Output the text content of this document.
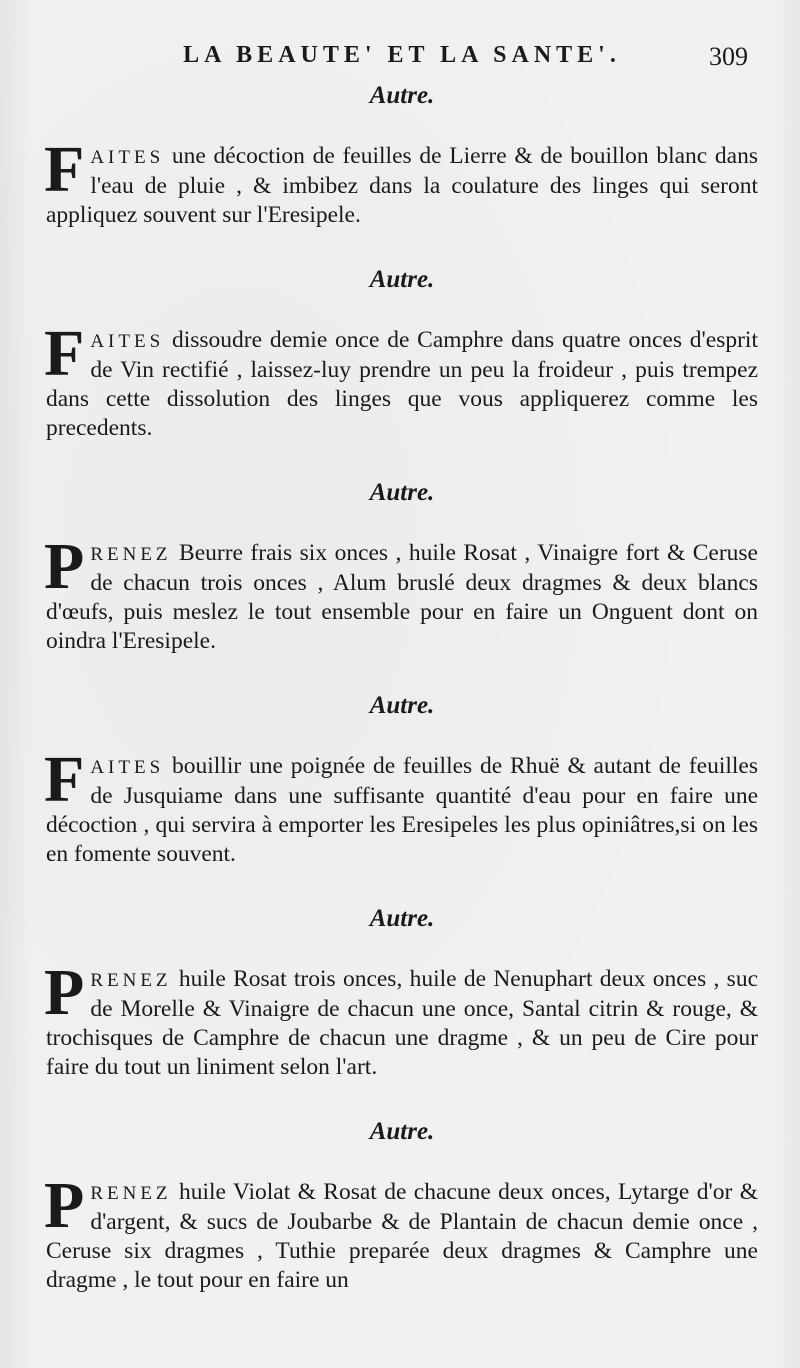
LA BEAUTE' ET LA SANTE'.	309
Autre.

FAITES une décoction de feuilles de Lierre & de bouillon blanc dans l'eau de pluie , & imbibez dans la coulature des linges qui seront appliquez souvent sur l'Eresipele.

Autre.

FAITES dissoudre demie once de Camphre dans quatre onces d'esprit de Vin rectifié , laissez-luy prendre un peu la froideur , puis trempez dans cette dissolution des linges que vous appliquerez comme les precedents.

Autre.

PRENEZ Beurre frais six onces , huile Rosat , Vinaigre fort & Ceruse de chacun trois onces , Alum bruslé deux dragmes & deux blancs d'œufs, puis meslez le tout ensemble pour en faire un Onguent dont on oindra l'Eresipele.

Autre.

FAITES bouillir une poignée de feuilles de Rhuë & autant de feuilles de Jusquiame dans une suffisante quantité d'eau pour en faire une décoction , qui servira à emporter les Eresipeles les plus opiniâtres,si on les en fomente souvent.

Autre.

PRENEZ huile Rosat trois onces, huile de Nenuphart deux onces , suc de Morelle & Vinaigre de chacun une once, Santal citrin & rouge, & trochisques de Camphre de chacun une dragme , & un peu de Cire pour faire du tout un liniment selon l'art.

Autre.

PRENEZ huile Violat & Rosat de chacune deux onces, Lytarge d'or & d'argent, & sucs de Joubarbe & de Plantain de chacun demie once , Ceruse six dragmes , Tuthie preparée deux dragmes & Camphre une dragme , le tout pour en faire un
